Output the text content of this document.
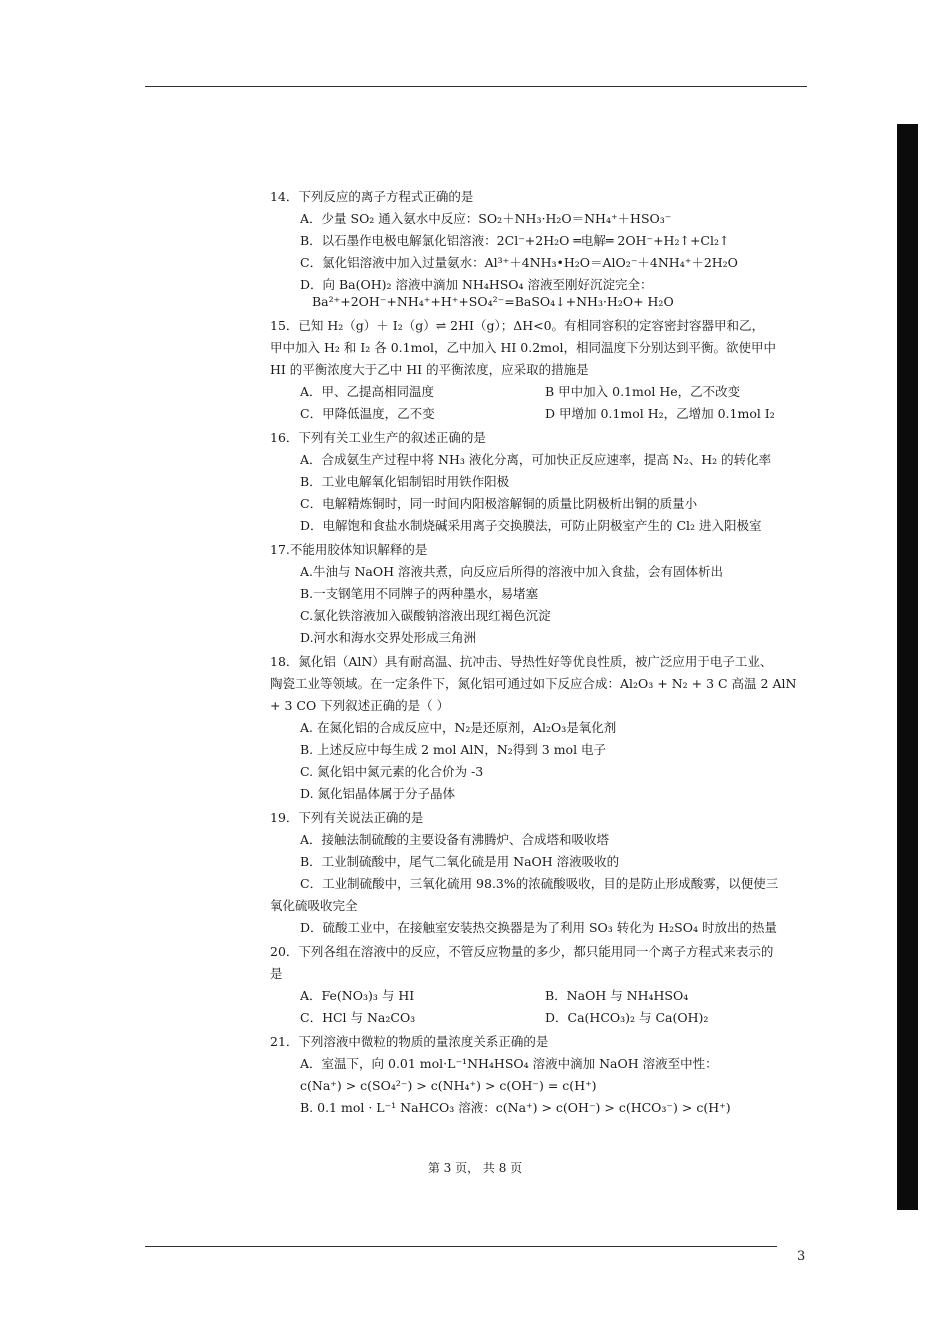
14．下列反应的离子方程式正确的是

A．少量 SO₂ 通入氨水中反应：SO₂＋NH₃·H₂O＝NH₄⁺＋HSO₃⁻

B．以石墨作电极电解氯化铝溶液：2Cl⁻+2H₂O ═电解═ 2OH⁻+H₂↑+Cl₂↑

C．氯化铝溶液中加入过量氨水：Al³⁺＋4NH₃•H₂O＝AlO₂⁻＋4NH₄⁺＋2H₂O

D．向 Ba(OH)₂ 溶液中滴加 NH₄HSO₄ 溶液至刚好沉淀完全：

Ba²⁺+2OH⁻+NH₄⁺+H⁺+SO₄²⁻=BaSO₄↓+NH₃·H₂O+ H₂O

15．已知 H₂（g）＋ I₂（g）⇌ 2HI（g）；ΔH<0。有相同容积的定容密封容器甲和乙，

甲中加入 H₂ 和 I₂ 各 0.1mol，乙中加入 HI 0.2mol，相同温度下分别达到平衡。欲使甲中

HI 的平衡浓度大于乙中 HI 的平衡浓度，应采取的措施是

A．甲、乙提高相同温度	B 甲中加入 0.1mol He，乙不改变

C．甲降低温度，乙不变	D 甲增加 0.1mol H₂，乙增加 0.1mol I₂

16．下列有关工业生产的叙述正确的是

A．合成氨生产过程中将 NH₃ 液化分离，可加快正反应速率，提高 N₂、H₂ 的转化率

B．工业电解氧化铝制铝时用铁作阳极

C．电解精炼铜时，同一时间内阳极溶解铜的质量比阴极析出铜的质量小

D．电解饱和食盐水制烧碱采用离子交换膜法，可防止阴极室产生的 Cl₂ 进入阳极室

17.不能用胶体知识解释的是

A.牛油与 NaOH 溶液共煮，向反应后所得的溶液中加入食盐，会有固体析出

B.一支钢笔用不同牌子的两种墨水，易堵塞

C.氯化铁溶液加入碳酸钠溶液出现红褐色沉淀

D.河水和海水交界处形成三角洲

18．氮化铝（AlN）具有耐高温、抗冲击、导热性好等优良性质，被广泛应用于电子工业、

陶瓷工业等领域。在一定条件下，氮化铝可通过如下反应合成：Al₂O₃ + N₂ + 3 C 高温 2 AlN

+ 3 CO 下列叙述正确的是（ ）

A. 在氮化铝的合成反应中，N₂是还原剂，Al₂O₃是氧化剂

B. 上述反应中每生成 2 mol AlN，N₂得到 3 mol 电子

C. 氮化铝中氮元素的化合价为 -3

D. 氮化铝晶体属于分子晶体

19．下列有关说法正确的是

A．接触法制硫酸的主要设备有沸腾炉、合成塔和吸收塔

B．工业制硫酸中，尾气二氧化硫是用 NaOH 溶液吸收的

C．工业制硫酸中，三氧化硫用 98.3%的浓硫酸吸收，目的是防止形成酸雾，以便使三

氧化硫吸收完全

D．硫酸工业中，在接触室安装热交换器是为了利用 SO₃ 转化为 H₂SO₄ 时放出的热量

20．下列各组在溶液中的反应，不管反应物量的多少，都只能用同一个离子方程式来表示的

是

A．Fe(NO₃)₃ 与 HI	B．NaOH 与 NH₄HSO₄

C．HCl 与 Na₂CO₃	D．Ca(HCO₃)₂ 与 Ca(OH)₂

21．下列溶液中微粒的物质的量浓度关系正确的是

A．室温下，向 0.01 mol·L⁻¹NH₄HSO₄ 溶液中滴加 NaOH 溶液至中性：

c(Na⁺) > c(SO₄²⁻) > c(NH₄⁺) > c(OH⁻) = c(H⁺)

B. 0.1 mol · L⁻¹ NaHCO₃ 溶液：c(Na⁺) > c(OH⁻) > c(HCO₃⁻) > c(H⁺)

第 3 页， 共 8 页
3
